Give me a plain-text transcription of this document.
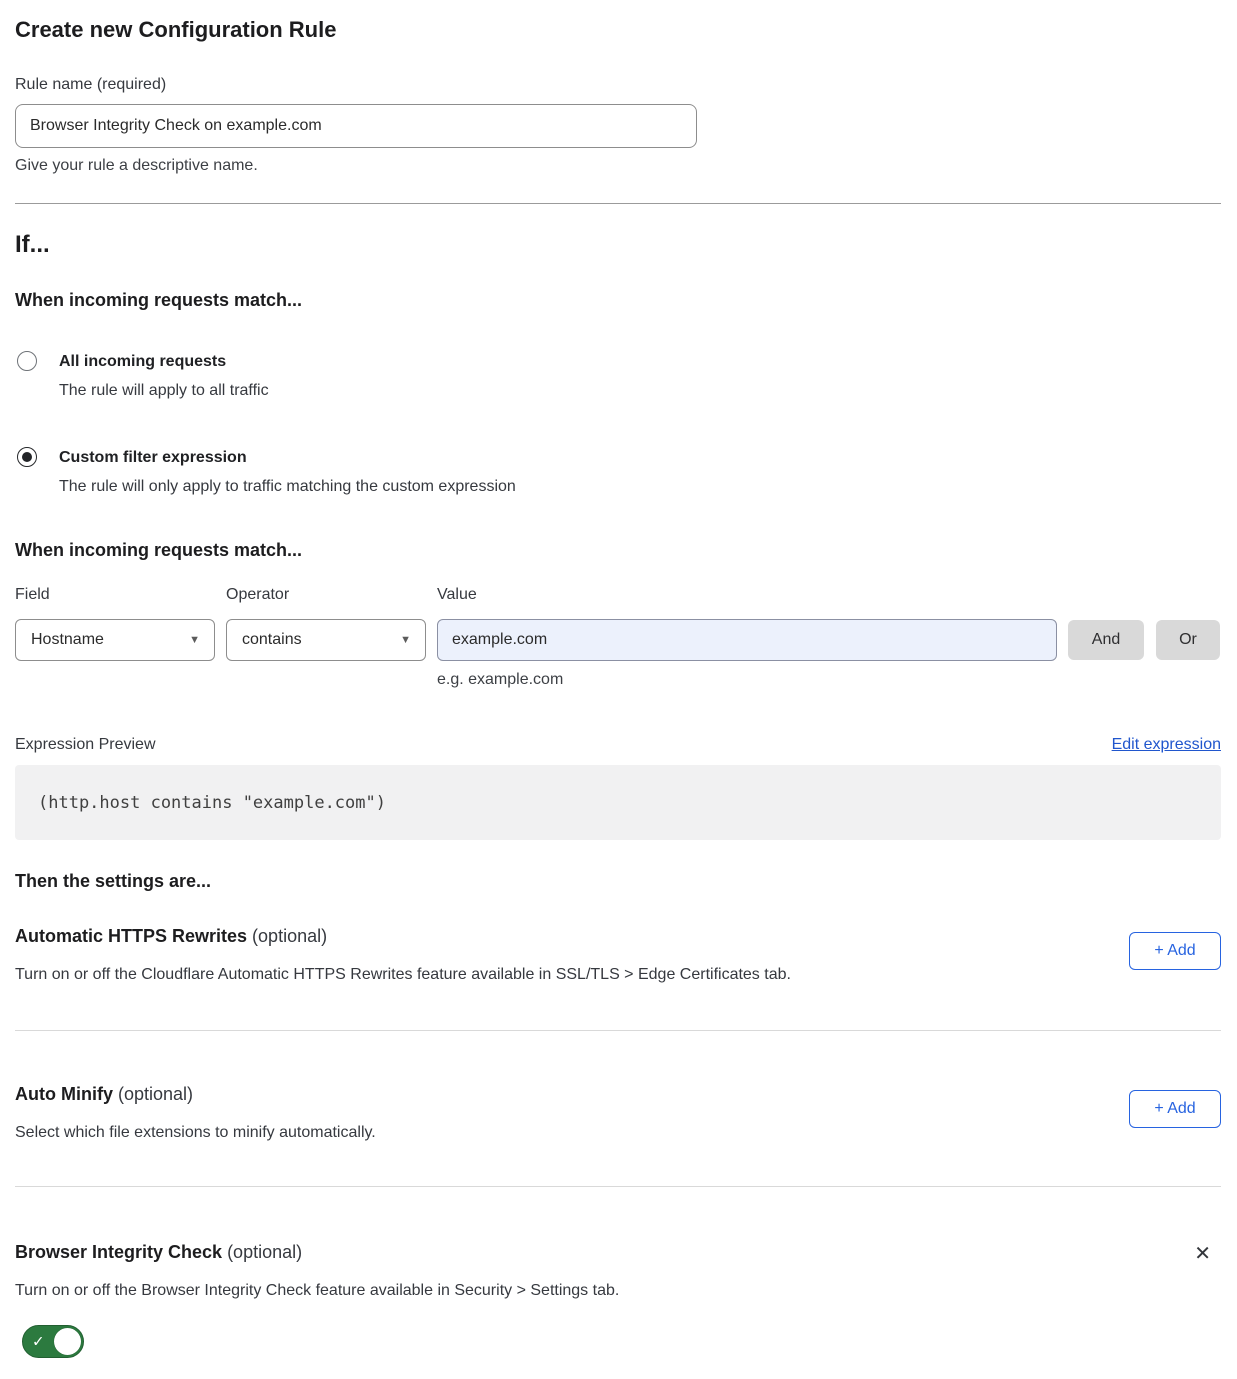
Create new Configuration Rule
Rule name (required)
Browser Integrity Check on example.com
Give your rule a descriptive name.
If...
When incoming requests match...
All incoming requests
The rule will apply to all traffic
Custom filter expression
The rule will only apply to traffic matching the custom expression
When incoming requests match...
Field
Hostname	▼
Operator
contains	▼
Value
example.com
e.g. example.com
And	Or
Expression Preview	Edit expression
(http.host contains "example.com")
Then the settings are...
Automatic HTTPS Rewrites (optional)
Turn on or off the Cloudflare Automatic HTTPS Rewrites feature available in SSL/TLS > Edge Certificates tab.
+ Add
Auto Minify (optional)
Select which file extensions to minify automatically.
+ Add
Browser Integrity Check (optional)
Turn on or off the Browser Integrity Check feature available in Security > Settings tab.
✓
✕
